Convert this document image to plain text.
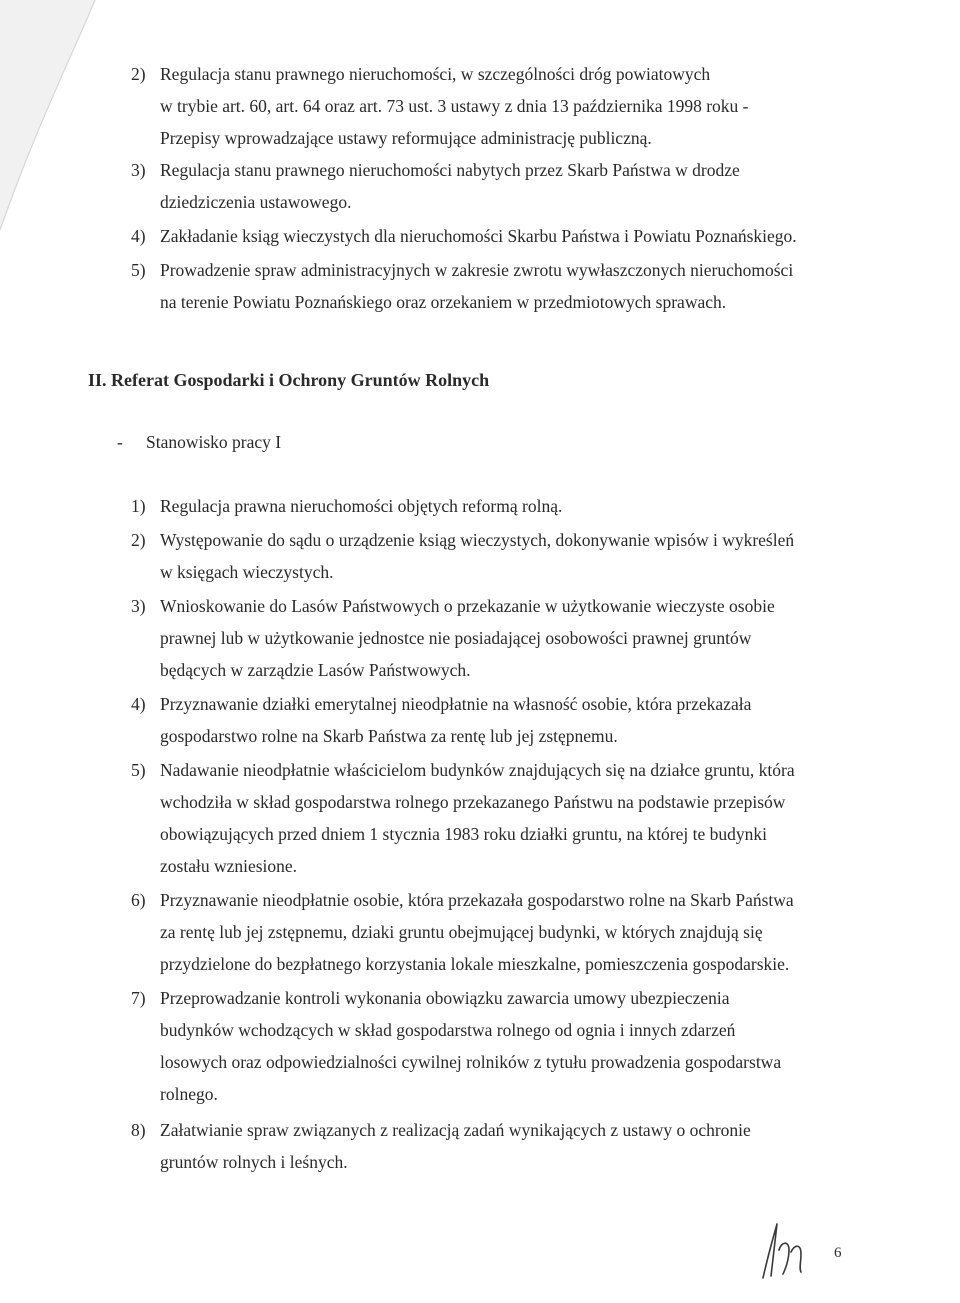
2) Regulacja stanu prawnego nieruchomości, w szczególności dróg powiatowych
w trybie art. 60, art. 64 oraz art. 73 ust. 3 ustawy z dnia 13 października 1998 roku -
Przepisy wprowadzające ustawy reformujące administrację publiczną.
3) Regulacja stanu prawnego nieruchomości nabytych przez Skarb Państwa w drodze
dziedziczenia ustawowego.
4) Zakładanie ksiąg wieczystych dla nieruchomości Skarbu Państwa i Powiatu Poznańskiego.
5) Prowadzenie spraw administracyjnych w zakresie zwrotu wywłaszczonych nieruchomości
na terenie Powiatu Poznańskiego oraz orzekaniem w przedmiotowych sprawach.
II. Referat Gospodarki i Ochrony Gruntów Rolnych
- Stanowisko pracy I
1) Regulacja prawna nieruchomości objętych reformą rolną.
2) Występowanie do sądu o urządzenie ksiąg wieczystych, dokonywanie wpisów i wykreśleń
w księgach wieczystych.
3) Wnioskowanie do Lasów Państwowych o przekazanie w użytkowanie wieczyste osobie
prawnej lub w użytkowanie jednostce nie posiadającej osobowości prawnej gruntów
będących w zarządzie Lasów Państwowych.
4) Przyznawanie działki emerytalnej nieodpłatnie na własność osobie, która przekazała
gospodarstwo rolne na Skarb Państwa za rentę lub jej zstępnemu.
5) Nadawanie nieodpłatnie właścicielom budynków znajdujących się na działce gruntu, która
wchodziła w skład gospodarstwa rolnego przekazanego Państwu na podstawie przepisów
obowiązujących przed dniem 1 stycznia 1983 roku działki gruntu, na której te budynki
zostału wzniesione.
6) Przyznawanie nieodpłatnie osobie, która przekazała gospodarstwo rolne na Skarb Państwa
za rentę lub jej zstępnemu, dziaki gruntu obejmującej budynki, w których znajdują się
przydzielone do bezpłatnego korzystania lokale mieszkalne, pomieszczenia gospodarskie.
7) Przeprowadzanie kontroli wykonania obowiązku zawarcia umowy ubezpieczenia
budynków wchodzących w skład gospodarstwa rolnego od ognia i innych zdarzeń
losowych oraz odpowiedzialności cywilnej rolników z tytułu prowadzenia gospodarstwa
rolnego.
8) Załatwianie spraw związanych z realizacją zadań wynikających z ustawy o ochronie
gruntów rolnych i leśnych.
6
